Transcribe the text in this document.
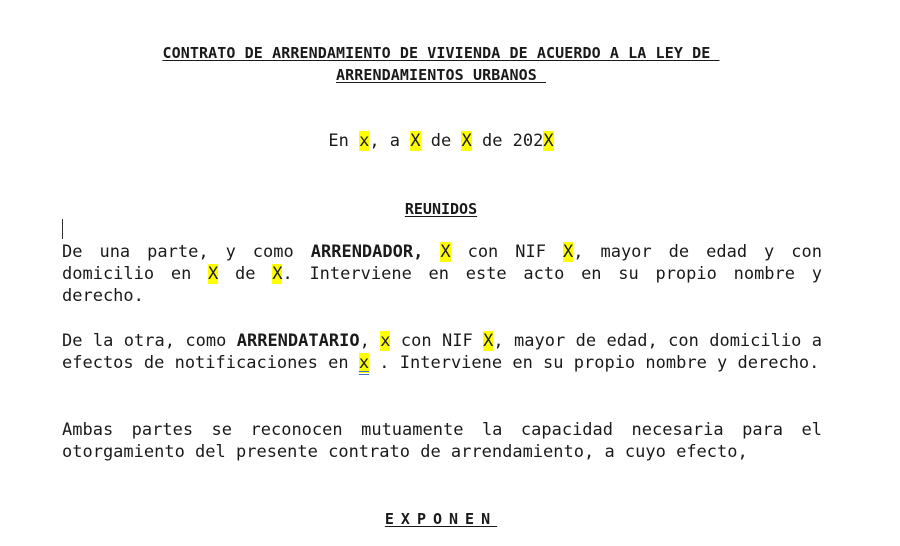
CONTRATO DE ARRENDAMIENTO DE VIVIENDA DE ACUERDO A LA LEY DE
ARRENDAMIENTOS URBANOS
En x, a X de X de 202X
REUNIDOS

De una parte, y como ARRENDADOR, X con NIF X, mayor de edad y con domicilio en X de X. Interviene en este acto en su propio nombre y derecho.

De la otra, como ARRENDATARIO, x con NIF X, mayor de edad, con domicilio a efectos de notificaciones en x . Interviene en su propio nombre y derecho.

Ambas partes se reconocen mutuamente la capacidad necesaria para el otorgamiento del presente contrato de arrendamiento, a cuyo efecto,

EXPONEN
